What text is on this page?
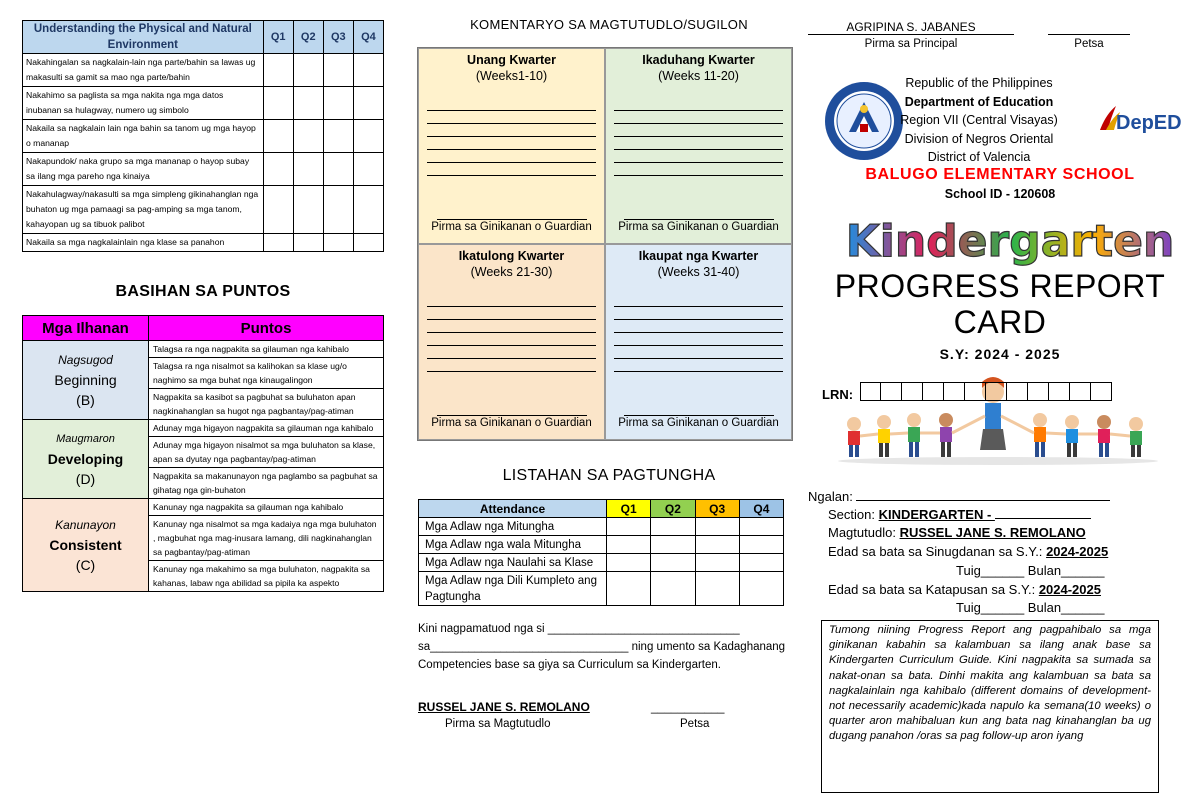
Understanding the Physical and Natural Environment	Q1	Q2	Q3	Q4
Nakahingalan sa nagkalain-lain nga parte/bahin sa lawas ug makasulti sa gamit sa mao nga parte/bahin				
Nakahimo sa paglista sa mga nakita nga mga datos inubanan sa hulagway, numero ug simbolo				
Nakaila sa nagkalain lain nga bahin sa tanom ug mga hayop o mananap				
Nakapundok/ naka grupo sa mga mananap o hayop subay sa ilang mga pareho nga kinaiya				
Nakahulagway/nakasulti sa mga simpleng gikinahanglan nga buhaton ug mga pamaagi sa pag-amping sa mga tanom, kahayopan ug sa tibuok palibot				
Nakaila sa mga nagkalainlain nga klase sa panahon				
BASIHAN SA PUNTOS
Mga Ilhanan	Puntos

Nagsugod
Beginning
(B)	Talagsa ra nga nagpakita sa gilauman nga kahibalo
	Talagsa ra nga nisalmot sa kalihokan sa klase ug/o naghimo sa mga buhat nga kinaugalingon
	Nagpakita sa kasibot sa pagbuhat sa buluhaton apan nagkinahanglan sa hugot nga pagbantay/pag-atiman

Maugmaron
Developing
(D)	Adunay mga higayon nagpakita sa gilauman nga kahibalo
	Adunay mga higayon nisalmot sa mga buluhaton sa klase, apan sa dyutay nga pagbantay/pag-atiman
	Nagpakita sa makanunayon nga paglambo sa pagbuhat sa gihatag nga gin-buhaton

Kanunayon
Consistent
(C)	Kanunay nga nagpakita sa gilauman nga kahibalo
	Kanunay nga nisalmot sa mga kadaiya nga mga buluhaton , magbuhat nga mag-inusara lamang, dili nagkinahanglan sa pagbantay/pag-atiman
	Kanunay nga makahimo sa mga buluhaton, nagpakita sa kahanas, labaw nga abilidad sa pipila ka aspekto
KOMENTARYO SA MAGTUTUDLO/SUGILON
Unang Kwarter
(Weeks1-10)
Pirma sa Ginikanan o Guardian
Ikaduhang Kwarter
(Weeks 11-20)
Pirma sa Ginikanan o Guardian
Ikatulong Kwarter
(Weeks 21-30)
Pirma sa Ginikanan o Guardian
Ikaupat nga Kwarter
(Weeks 31-40)
Pirma sa Ginikanan o Guardian
LISTAHAN SA PAGTUNGHA
Attendance	Q1	Q2	Q3	Q4
Mga Adlaw nga Mitungha				
Mga Adlaw nga wala Mitungha				
Mga Adlaw nga Naulahi sa Klase				
Mga Adlaw nga Dili Kumpleto ang Pagtungha				
Kini nagpamatuod nga si ______________________________ sa_______________________________ ning umento sa Kadaghanang Competencies base sa giya sa Curriculum sa Kindergarten.
RUSSEL JANE S. REMOLANO
Pirma sa Magtutudlo
___________
Petsa
AGRIPINA S. JABANES
Pirma sa Principal	Petsa
Republic of the Philippines
Department of Education
Region VII (Central Visayas)
Division of Negros Oriental
District of Valencia
DepED
BALUGO ELEMENTARY SCHOOL
School ID - 120608
Kindergarten
PROGRESS REPORT
CARD
S.Y: 2024 - 2025
LRN:
Ngalan:
Section: KINDERGARTEN -
Magtutudlo: RUSSEL JANE S. REMOLANO
Edad sa bata sa Sinugdanan sa S.Y.: 2024-2025
Tuig______ Bulan______
Edad sa bata sa Katapusan sa S.Y.: 2024-2025
Tuig______ Bulan______
Tumong niining Progress Report ang pagpahibalo sa mga ginikanan kabahin sa kalambuan sa ilang anak base sa Kindergarten Curriculum Guide. Kini nagpakita sa sumada sa nakat-onan sa bata. Dinhi makita ang kalambuan sa bata sa nagkalainlain nga kahibalo (different domains of development-not necessarily academic)kada napulo ka semana(10 weeks) o quarter aron mahibaluan kun ang bata nag kinahanglan ba ug dugang panahon /oras sa pag follow-up aron iyang
